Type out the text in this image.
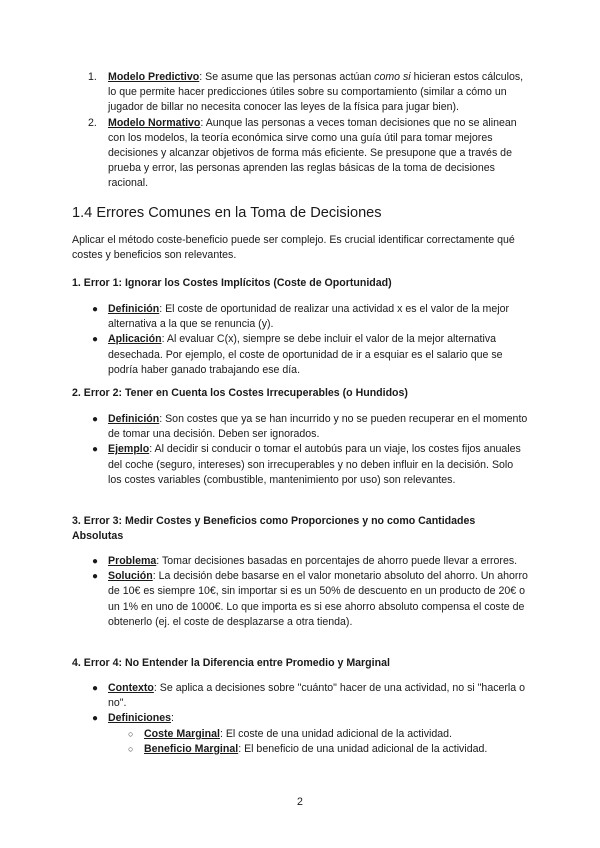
1. Modelo Predictivo: Se asume que las personas actúan como si hicieran estos cálculos, lo que permite hacer predicciones útiles sobre su comportamiento (similar a cómo un jugador de billar no necesita conocer las leyes de la física para jugar bien).
2. Modelo Normativo: Aunque las personas a veces toman decisiones que no se alinean con los modelos, la teoría económica sirve como una guía útil para tomar mejores decisiones y alcanzar objetivos de forma más eficiente. Se presupone que a través de prueba y error, las personas aprenden las reglas básicas de la toma de decisiones racional.
1.4 Errores Comunes en la Toma de Decisiones
Aplicar el método coste-beneficio puede ser complejo. Es crucial identificar correctamente qué costes y beneficios son relevantes.
1. Error 1: Ignorar los Costes Implícitos (Coste de Oportunidad)
● Definición: El coste de oportunidad de realizar una actividad x es el valor de la mejor alternativa a la que se renuncia (y).
● Aplicación: Al evaluar C(x), siempre se debe incluir el valor de la mejor alternativa desechada. Por ejemplo, el coste de oportunidad de ir a esquiar es el salario que se podría haber ganado trabajando ese día.
2. Error 2: Tener en Cuenta los Costes Irrecuperables (o Hundidos)
● Definición: Son costes que ya se han incurrido y no se pueden recuperar en el momento de tomar una decisión. Deben ser ignorados.
● Ejemplo: Al decidir si conducir o tomar el autobús para un viaje, los costes fijos anuales del coche (seguro, intereses) son irrecuperables y no deben influir en la decisión. Solo los costes variables (combustible, mantenimiento por uso) son relevantes.
3. Error 3: Medir Costes y Beneficios como Proporciones y no como Cantidades Absolutas
● Problema: Tomar decisiones basadas en porcentajes de ahorro puede llevar a errores.
● Solución: La decisión debe basarse en el valor monetario absoluto del ahorro. Un ahorro de 10€ es siempre 10€, sin importar si es un 50% de descuento en un producto de 20€ o un 1% en uno de 1000€. Lo que importa es si ese ahorro absoluto compensa el coste de obtenerlo (ej. el coste de desplazarse a otra tienda).
4. Error 4: No Entender la Diferencia entre Promedio y Marginal
● Contexto: Se aplica a decisiones sobre "cuánto" hacer de una actividad, no si "hacerla o no".
● Definiciones:
○ Coste Marginal: El coste de una unidad adicional de la actividad.
○ Beneficio Marginal: El beneficio de una unidad adicional de la actividad.
2
